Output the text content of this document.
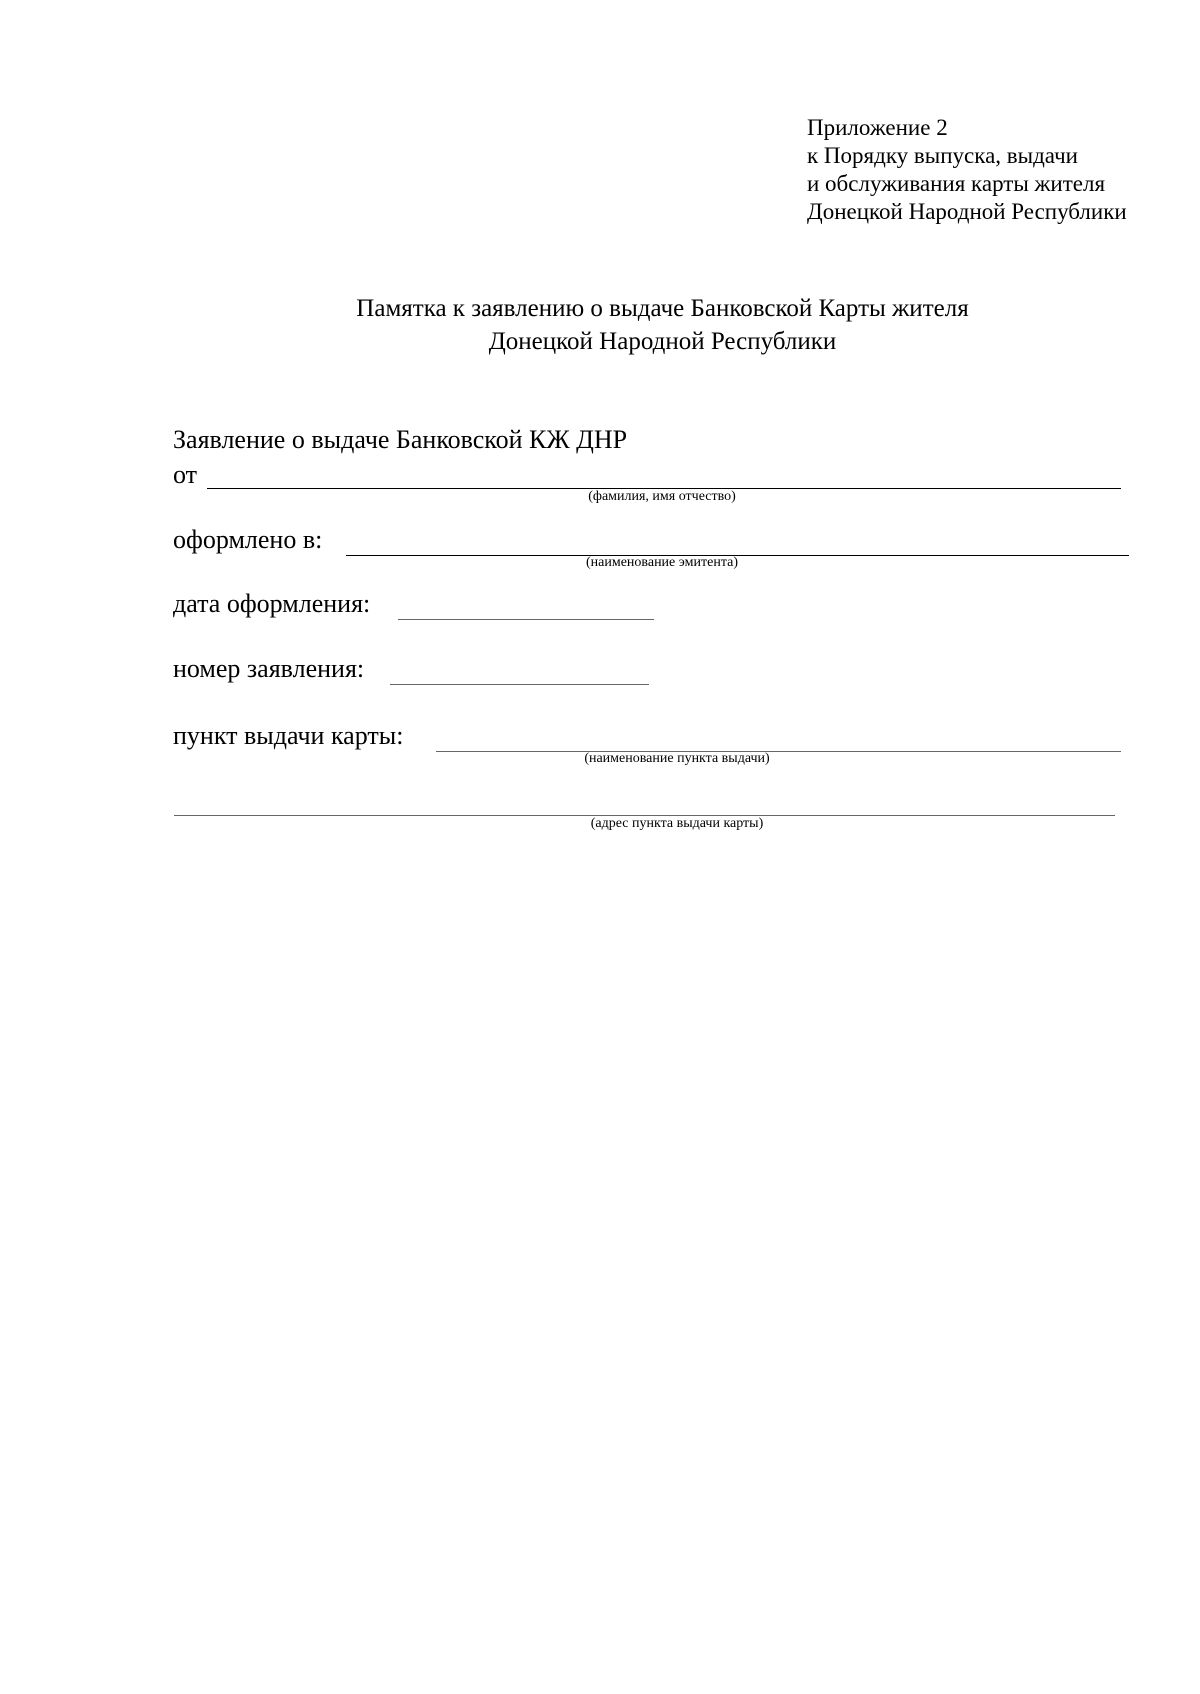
Приложение 2
к Порядку выпуска, выдачи
и обслуживания карты жителя
Донецкой Народной Республики
Памятка к заявлению о выдаче Банковской Карты жителя
Донецкой Народной Республики
Заявление о выдаче Банковской КЖ ДНР
от
(фамилия, имя отчество)
оформлено в:
(наименование эмитента)
дата оформления:
номер заявления:
пункт выдачи карты:
(наименование пункта выдачи)
(адрес пункта выдачи карты)
